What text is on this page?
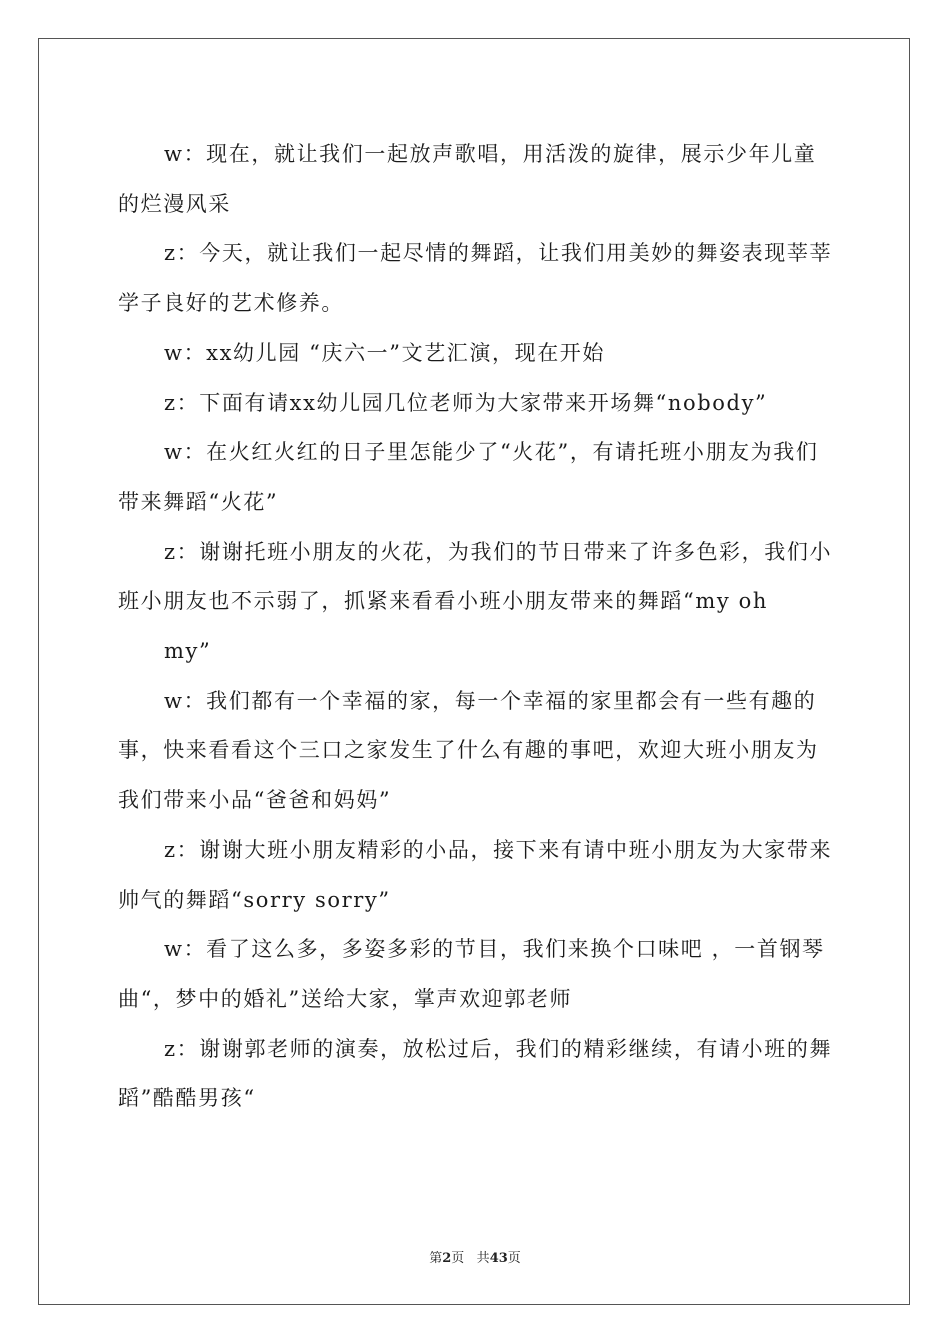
w：现在，就让我们一起放声歌唱，用活泼的旋律，展示少年儿童的烂漫风采

z：今天，就让我们一起尽情的舞蹈，让我们用美妙的舞姿表现莘莘学子良好的艺术修养。

w：xx幼儿园 “庆六一”文艺汇演，现在开始

z：下面有请xx幼儿园几位老师为大家带来开场舞“nobody”

w：在火红火红的日子里怎能少了“火花”，有请托班小朋友为我们带来舞蹈“火花”

z：谢谢托班小朋友的火花，为我们的节日带来了许多色彩，我们小班小朋友也不示弱了，抓紧来看看小班小朋友带来的舞蹈“my oh

my”

w：我们都有一个幸福的家，每一个幸福的家里都会有一些有趣的事，快来看看这个三口之家发生了什么有趣的事吧，欢迎大班小朋友为我们带来小品“爸爸和妈妈”

z：谢谢大班小朋友精彩的小品，接下来有请中班小朋友为大家带来帅气的舞蹈“sorry sorry”

w：看了这么多，多姿多彩的节目，我们来换个口味吧 ，一首钢琴曲“，梦中的婚礼”送给大家，掌声欢迎郭老师

z：谢谢郭老师的演奏，放松过后，我们的精彩继续，有请小班的舞蹈”酷酷男孩“

第2页 共43页
